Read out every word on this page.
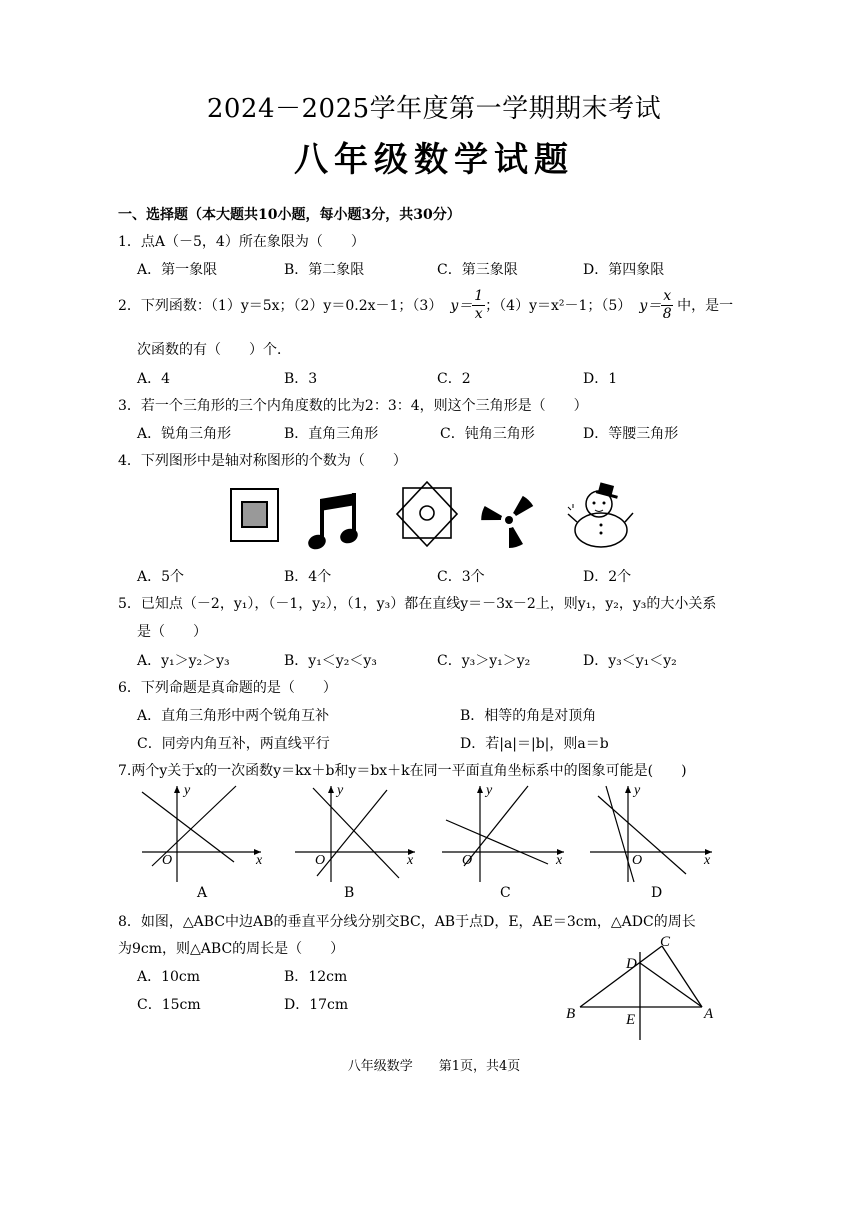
2024－2025学年度第一学期期末考试
八年级数学试题
一、选择题（本大题共10小题，每小题3分，共30分）
1．点A（－5，4）所在象限为（　　）
A．第一象限	B．第二象限	C．第三象限	D．第四象限
2．下列函数：（1）y＝5x；（2）y＝0.2x－1；（3） $y= \frac{1}{x}$ ；（4）y＝x²－1；（5） $y= \frac{x}{8}$ 中，是一
次函数的有（　　）个．
A．4	B．3	C．2	D．1
3．若一个三角形的三个内角度数的比为2：3：4，则这个三角形是（　　）
A．锐角三角形	B．直角三角形	C．钝角三角形	D．等腰三角形
4．下列图形中是轴对称图形的个数为（　　）
A．5个	B．4个	C．3个	D．2个
5．已知点（－2，y₁），（－1，y₂），（1，y₃）都在直线y＝－3x－2上，则y₁，y₂，y₃的大小关系
是（　　）
A．y₁＞y₂＞y₃	B．y₁＜y₂＜y₃	C．y₃＞y₁＞y₂	D．y₃＜y₁＜y₂
6．下列命题是真命题的是（　　）
A．直角三角形中两个锐角互补	B．相等的角是对顶角
C．同旁内角互补，两直线平行	D．若|a|＝|b|，则a＝b
7.两个y关于x的一次函数y＝kx＋b和y＝bx＋k在同一平面直角坐标系中的图象可能是(　　)
y
x
O
A
y
x
O
B
y
x
O
C
y
x
O
D
8．如图，△ABC中边AB的垂直平分线分别交BC，AB于点D，E，AE＝3cm，△ADC的周长
为9cm，则△ABC的周长是（　　）
A．10cm	B．12cm
C．15cm	D．17cm
C
D
B	A
E
八年级数学　　第1页，共4页
